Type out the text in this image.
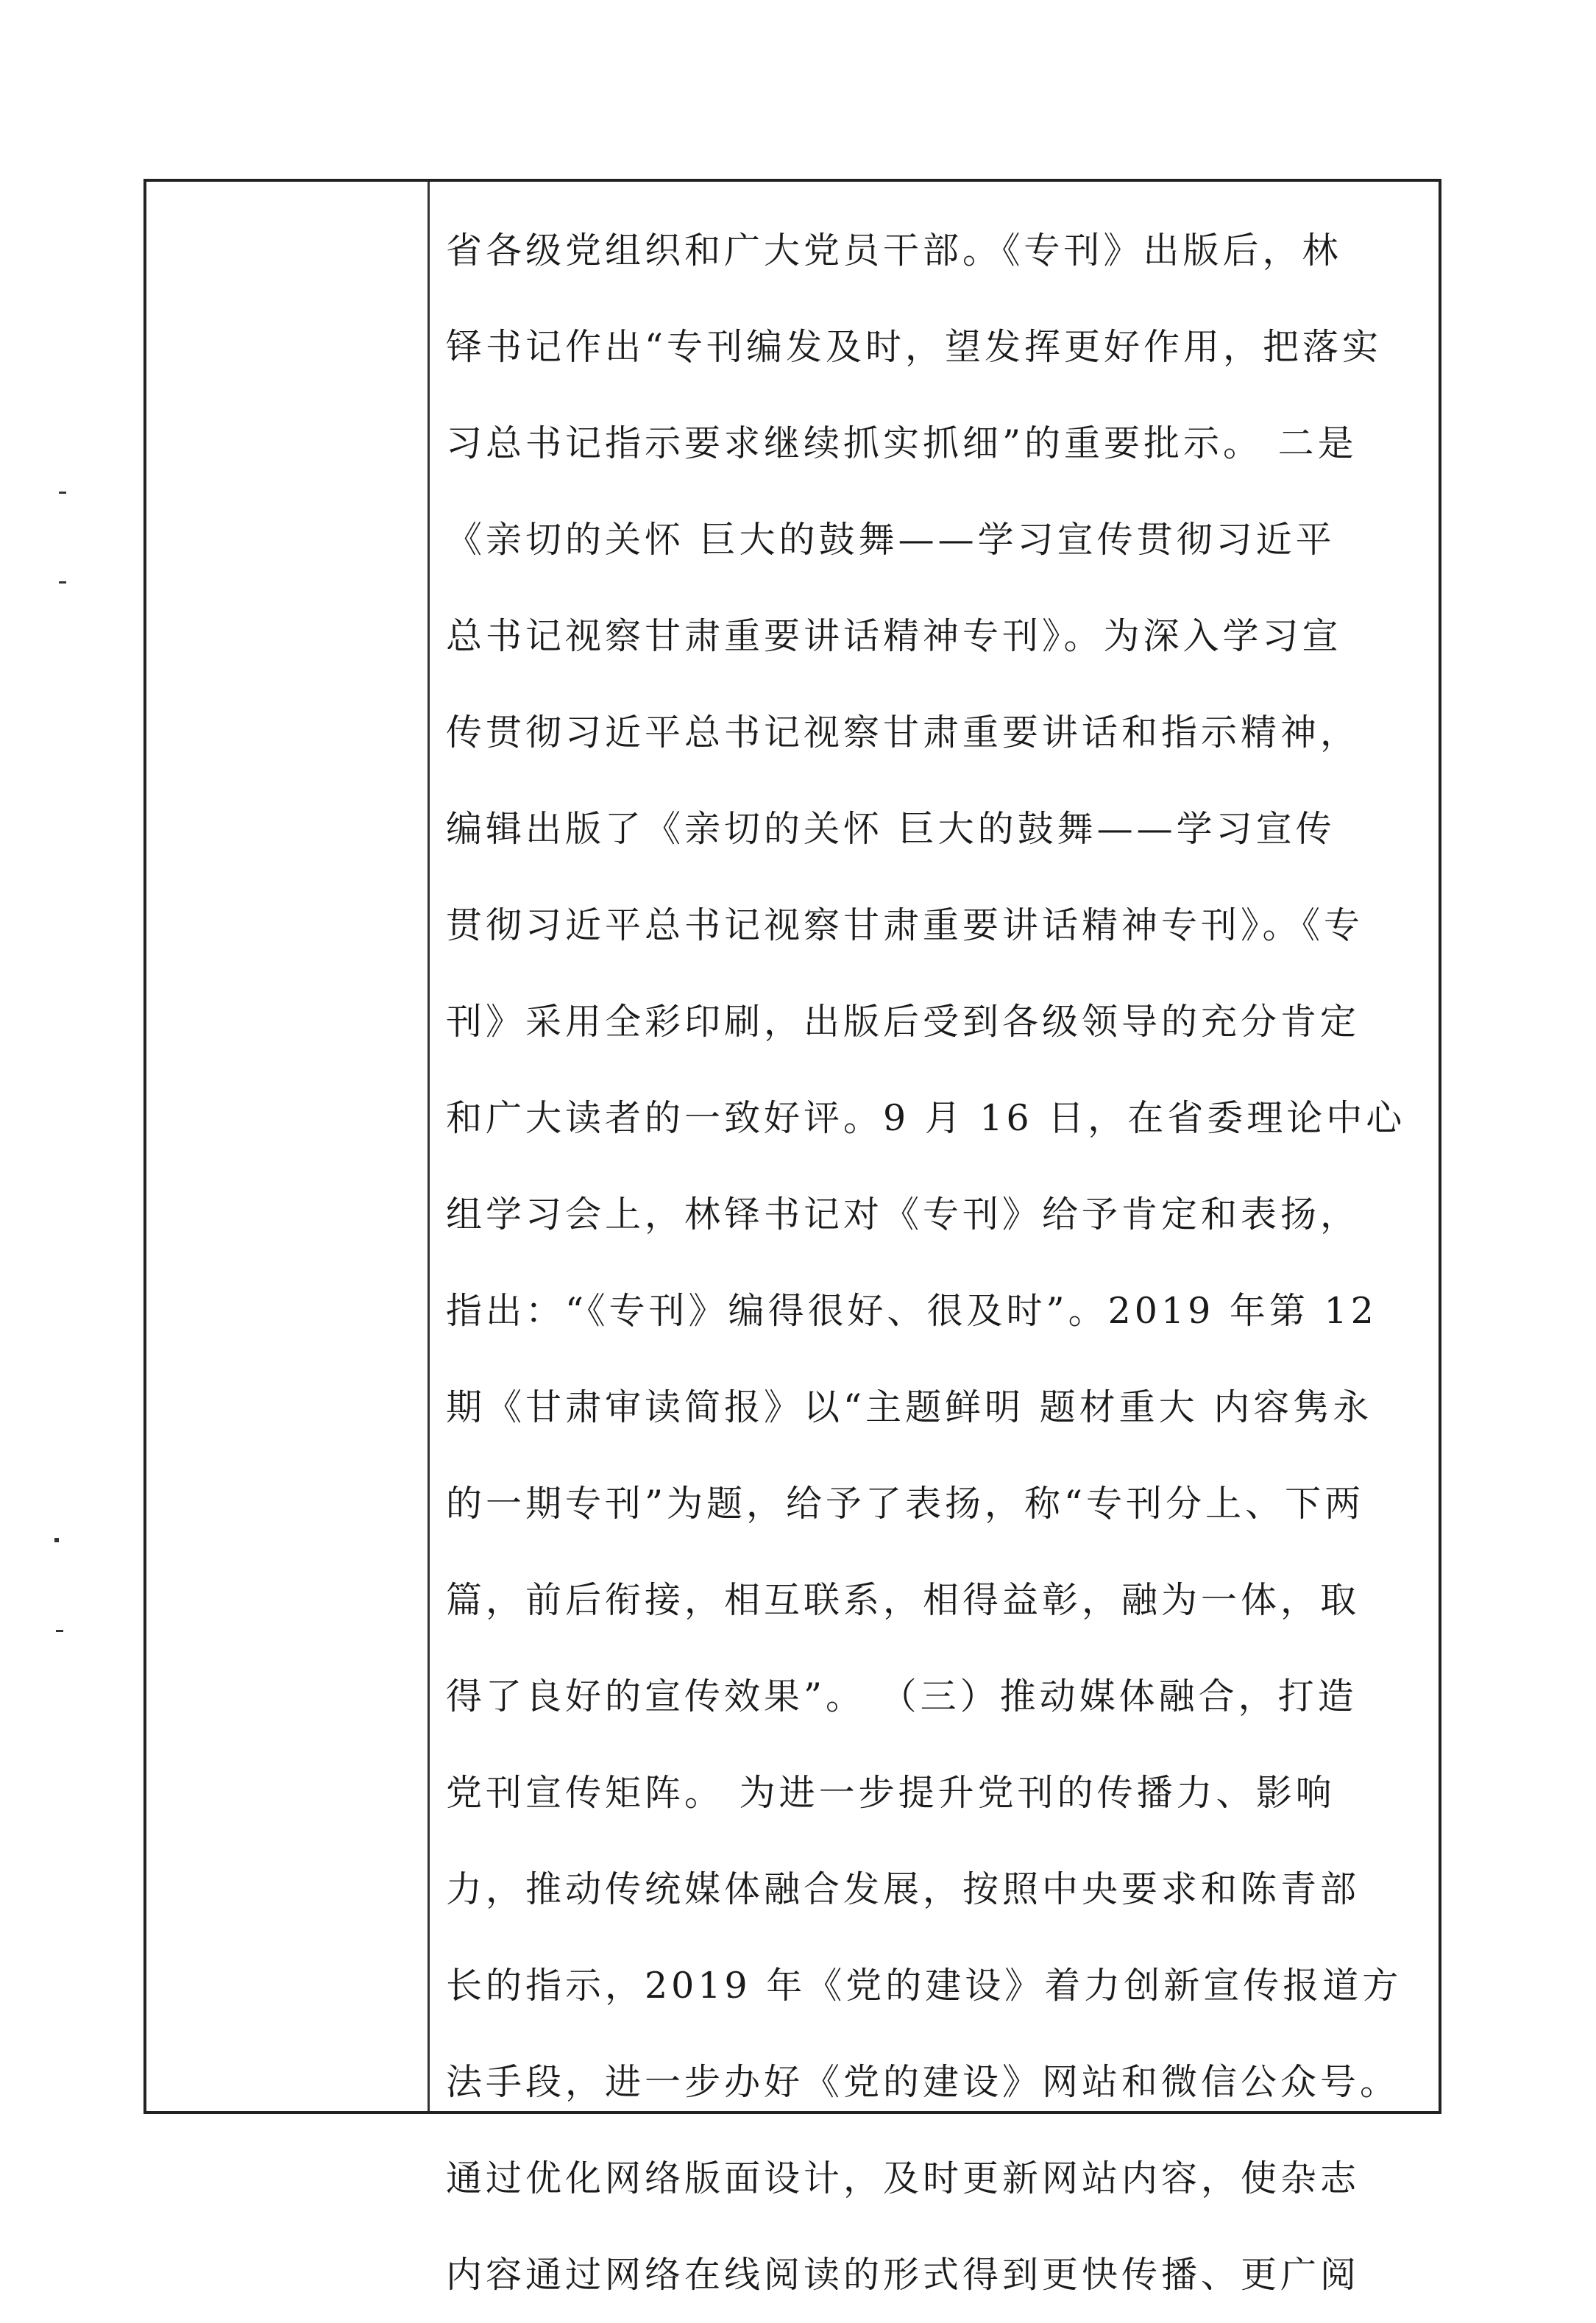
省各级党组织和广大党员干部。《专刊》出版后，林
铎书记作出“专刊编发及时，望发挥更好作用，把落实
习总书记指示要求继续抓实抓细”的重要批示。 二是
《亲切的关怀 巨大的鼓舞——学习宣传贯彻习近平
总书记视察甘肃重要讲话精神专刊》。为深入学习宣
传贯彻习近平总书记视察甘肃重要讲话和指示精神，
编辑出版了《亲切的关怀 巨大的鼓舞——学习宣传
贯彻习近平总书记视察甘肃重要讲话精神专刊》。《专
刊》采用全彩印刷，出版后受到各级领导的充分肯定
和广大读者的一致好评。9 月 16 日，在省委理论中心
组学习会上，林铎书记对《专刊》给予肯定和表扬，
指出：“《专刊》编得很好、很及时”。2019 年第 12
期《甘肃审读简报》以“主题鲜明 题材重大 内容隽永
的一期专刊”为题，给予了表扬，称“专刊分上、下两
篇，前后衔接，相互联系，相得益彰，融为一体，取
得了良好的宣传效果”。 （三）推动媒体融合，打造
党刊宣传矩阵。 为进一步提升党刊的传播力、影响
力，推动传统媒体融合发展，按照中央要求和陈青部
长的指示，2019 年《党的建设》着力创新宣传报道方
法手段，进一步办好《党的建设》网站和微信公众号。
通过优化网络版面设计，及时更新网站内容，使杂志
内容通过网络在线阅读的形式得到更快传播、更广阅
